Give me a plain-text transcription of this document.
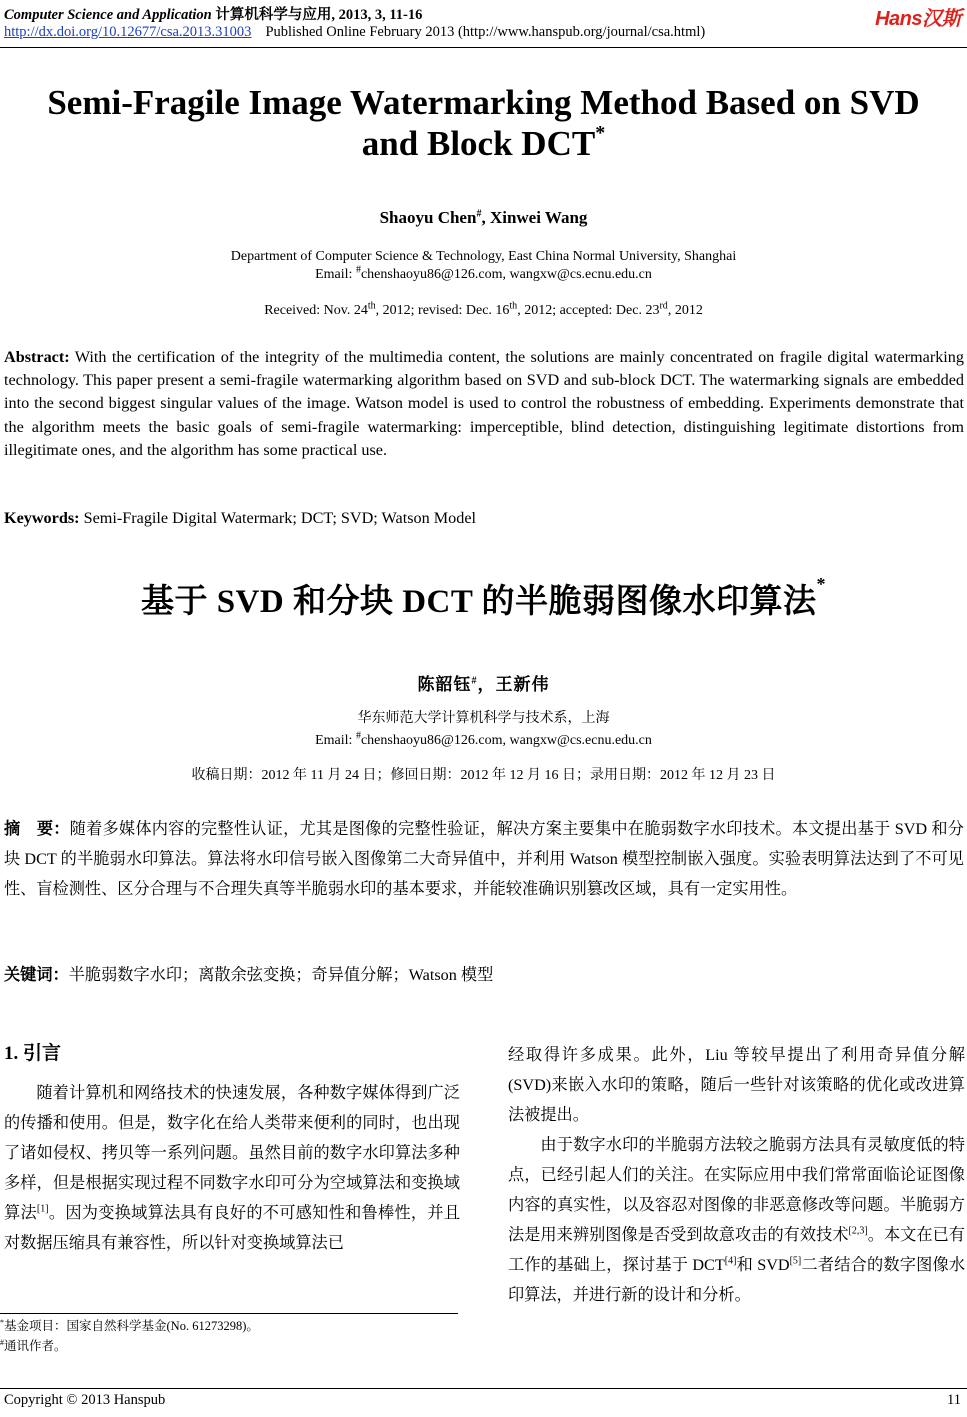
Computer Science and Application 计算机科学与应用, 2013, 3, 11-16	Hans汉斯
http://dx.doi.org/10.12677/csa.2013.31003 Published Online February 2013 (http://www.hanspub.org/journal/csa.html)
Semi-Fragile Image Watermarking Method Based on SVD
and Block DCT*
Shaoyu Chen#, Xinwei Wang
Department of Computer Science & Technology, East China Normal University, Shanghai
Email: #chenshaoyu86@126.com, wangxw@cs.ecnu.edu.cn
Received: Nov. 24th, 2012; revised: Dec. 16th, 2012; accepted: Dec. 23rd, 2012
Abstract: With the certification of the integrity of the multimedia content, the solutions are mainly concentrated on fragile digital watermarking technology. This paper present a semi-fragile watermarking algorithm based on SVD and sub-block DCT. The watermarking signals are embedded into the second biggest singular values of the image. Watson model is used to control the robustness of embedding. Experiments demonstrate that the algorithm meets the basic goals of semi-fragile watermarking: imperceptible, blind detection, distinguishing legitimate distortions from illegitimate ones, and the algorithm has some practical use.
Keywords: Semi-Fragile Digital Watermark; DCT; SVD; Watson Model
基于 SVD 和分块 DCT 的半脆弱图像水印算法*
陈韶钰#，王新伟
华东师范大学计算机科学与技术系，上海
Email: #chenshaoyu86@126.com, wangxw@cs.ecnu.edu.cn
收稿日期：2012 年 11 月 24 日；修回日期：2012 年 12 月 16 日；录用日期：2012 年 12 月 23 日
摘　要：随着多媒体内容的完整性认证，尤其是图像的完整性验证，解决方案主要集中在脆弱数字水印技术。本文提出基于 SVD 和分块 DCT 的半脆弱水印算法。算法将水印信号嵌入图像第二大奇异值中，并利用 Watson 模型控制嵌入强度。实验表明算法达到了不可见性、盲检测性、区分合理与不合理失真等半脆弱水印的基本要求，并能较准确识别篡改区域，具有一定实用性。
关键词：半脆弱数字水印；离散余弦变换；奇异值分解；Watson 模型
1. 引言

随着计算机和网络技术的快速发展，各种数字媒体得到广泛的传播和使用。但是，数字化在给人类带来便利的同时，也出现了诸如侵权、拷贝等一系列问题。虽然目前的数字水印算法多种多样，但是根据实现过程不同数字水印可分为空域算法和变换域算法[1]。因为变换域算法具有良好的不可感知性和鲁棒性，并且对数据压缩具有兼容性，所以针对变换域算法已

经取得许多成果。此外，Liu 等较早提出了利用奇异值分解(SVD)来嵌入水印的策略，随后一些针对该策略的优化或改进算法被提出。

由于数字水印的半脆弱方法较之脆弱方法具有灵敏度低的特点，已经引起人们的关注。在实际应用中我们常常面临论证图像内容的真实性，以及容忍对图像的非恶意修改等问题。半脆弱方法是用来辨别图像是否受到故意攻击的有效技术[2,3]。本文在已有工作的基础上，探讨基于 DCT[4]和 SVD[5]二者结合的数字图像水印算法，并进行新的设计和分析。

*基金项目：国家自然科学基金(No. 61273298)。
#通讯作者。
Copyright © 2013 Hanspub	11
